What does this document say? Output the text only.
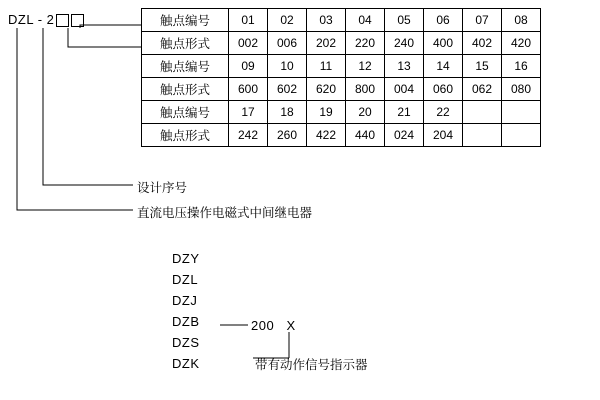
DZL - 2	触点编号	01	02	03	04	05	06	07	08
触点形式	002	006	202	220	240	400	402	420
触点编号	09	10	11	12	13	14	15	16
触点形式	600	602	620	800	004	060	062	080
触点编号	17	18	19	20	21	22		
触点形式	242	260	422	440	024	204		
设计序号
直流电压操作电磁式中间继电器
DZY
DZL
DZJ
DZB
DZS
DZK
200 X
带有动作信号指示器
